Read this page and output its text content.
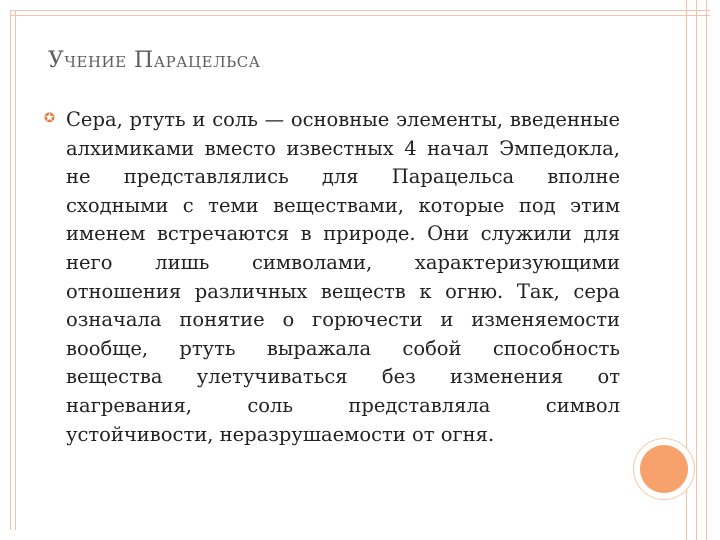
Учение Парацельса
✪ Сера, ртуть и соль — основные элементы, введенные алхимиками вместо известных 4 начал Эмпедокла, не представлялись для Парацельса вполне сходными с теми веществами, которые под этим именем встречаются в природе. Они служили для него лишь символами, характеризующими отношения различных веществ к огню. Так, сера означала понятие о горючести и изменяемости вообще, ртуть выражала собой способность вещества улетучиваться без изменения от нагревания, соль представляла символ устойчивости, неразрушаемости от огня.
